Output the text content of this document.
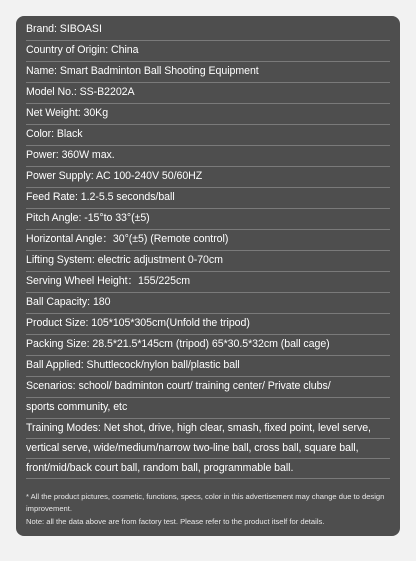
Brand: SIBOASI
Country of Origin: China
Name: Smart Badminton Ball Shooting Equipment
Model No.: SS-B2202A
Net Weight: 30Kg
Color: Black
Power: 360W max.
Power Supply: AC 100-240V 50/60HZ
Feed Rate: 1.2-5.5 seconds/ball
Pitch Angle: -15°to 33°(±5)
Horizontal Angle：30°(±5) (Remote control)
Lifting System: electric adjustment 0-70cm
Serving Wheel Height：155/225cm
Ball Capacity: 180
Product Size: 105*105*305cm(Unfold the tripod)
Packing Size: 28.5*21.5*145cm (tripod) 65*30.5*32cm (ball cage)
Ball Applied: Shuttlecock/nylon ball/plastic ball
Scenarios: school/ badminton court/ training center/ Private clubs/
sports community, etc
Training Modes: Net shot, drive, high clear, smash, fixed point, level serve,
vertical serve, wide/medium/narrow two-line ball, cross ball, square ball,
front/mid/back court ball, random ball, programmable ball.

* All the product pictures, cosmetic, functions, specs, color in this advertisement may change due to design improvement.

Note: all the data above are from factory test. Please refer to the product itself for details.
